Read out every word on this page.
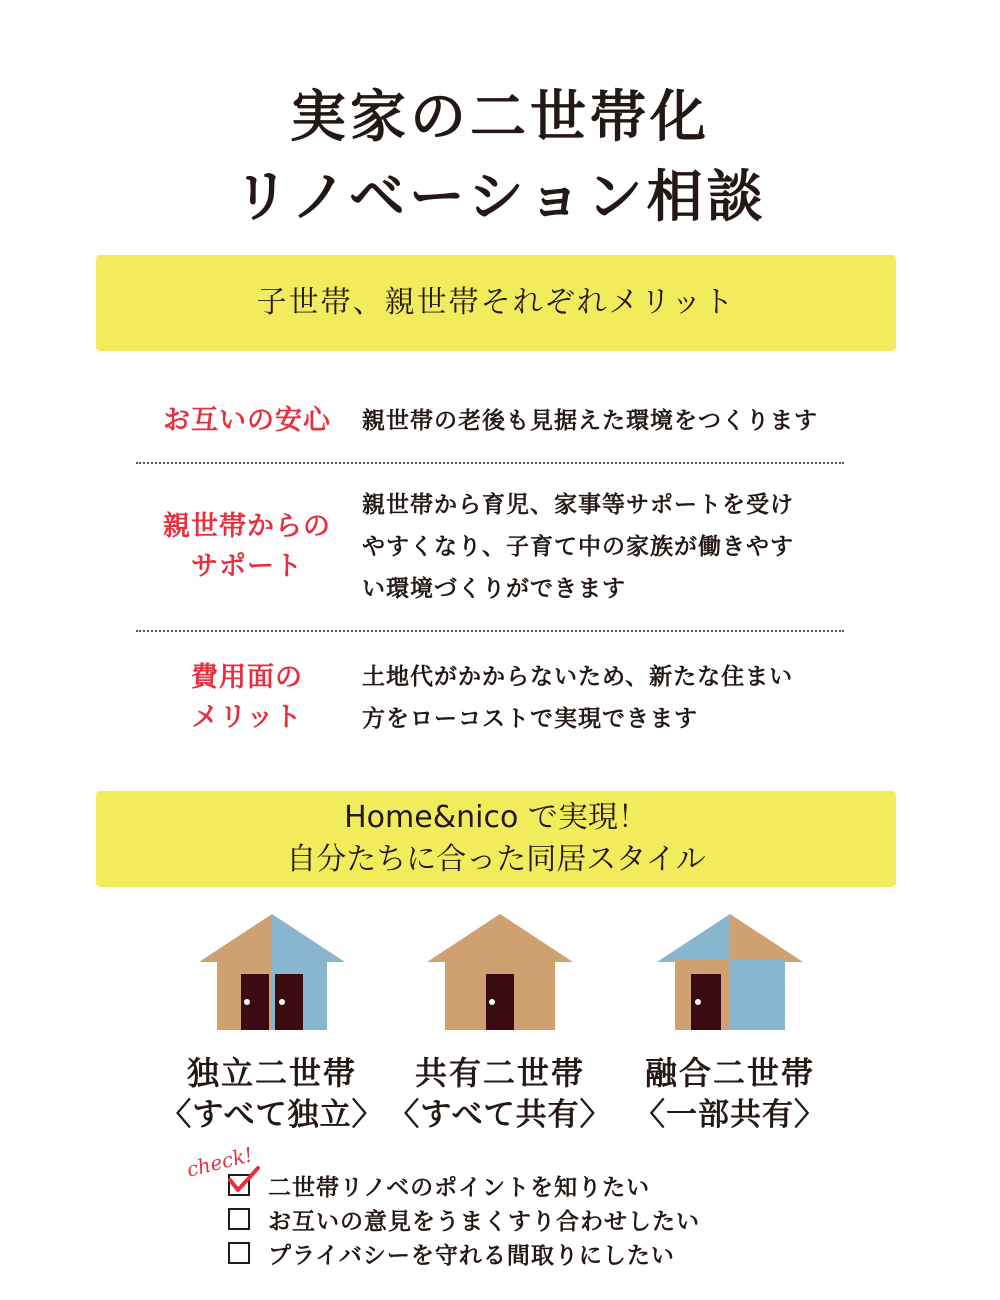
実家の二世帯化
リノベーション相談
子世帯、親世帯それぞれメリット
お互いの安心	親世帯の老後も見据えた環境をつくります
親世帯からの
サポート
親世帯から育児、家事等サポートを受け
やすくなり、子育て中の家族が働きやす
い環境づくりができます
費用面の
メリット
土地代がかからないため、新たな住まい
方をローコストで実現できます
Home&nico で実現！
自分たちに合った同居スタイル
独立二世帯
〈すべて独立〉
共有二世帯
〈すべて共有〉
融合二世帯
〈一部共有〉
check!
二世帯リノベのポイントを知りたい
お互いの意見をうまくすり合わせしたい
プライバシーを守れる間取りにしたい
